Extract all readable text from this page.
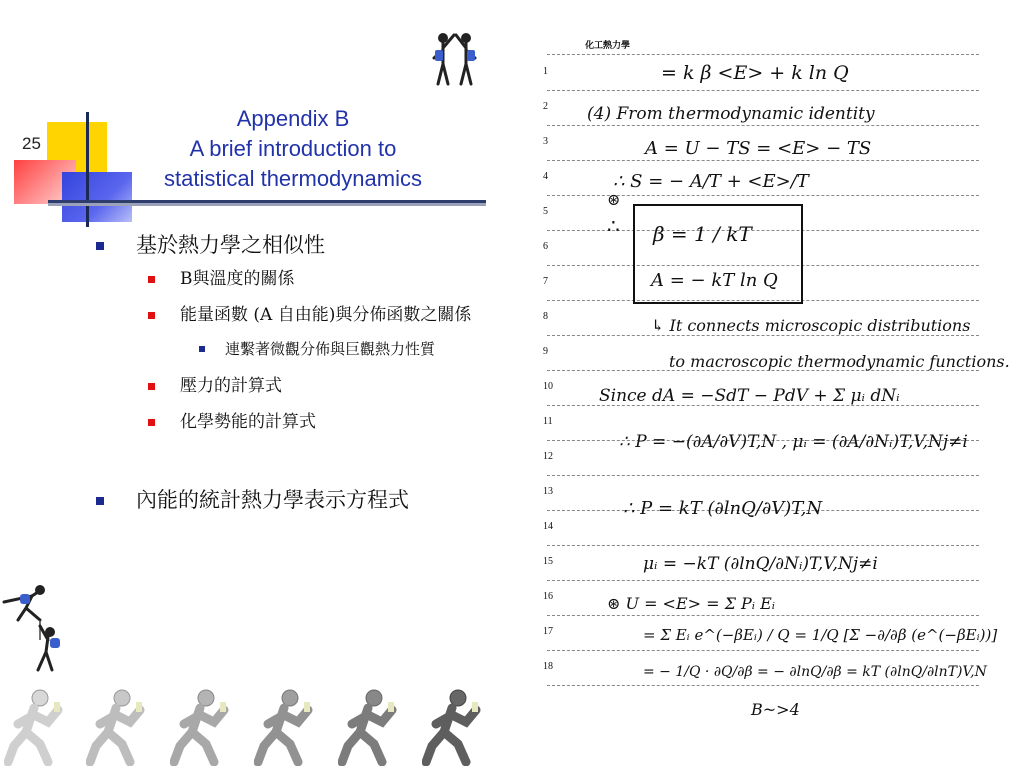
25
Appendix B
A brief introduction to
statistical thermodynamics
基於熱力學之相似性
Β與溫度的關係
能量函數 (A 自由能)與分佈函數之關係
連繫著微觀分佈與巨觀熱力性質
壓力的計算式
化學勢能的計算式
內能的統計熱力學表示方程式
化工熱力學
1
2
3
4
5
6
7
8
9
10
11
12
13
14
15
16
17
18
= k β <E> + k ln Q
(4) From thermodynamic identity
A = U − TS = <E> − TS
∴ S = − A/T + <E>/T
⊛
∴ β = 1 / kT
A = − kT ln Q
↳ It connects microscopic distributions
to macroscopic thermodynamic functions.
Since dA = −SdT − PdV + Σ μᵢ dNᵢ
∴ P = −(∂A/∂V)T,N , μᵢ = (∂A/∂Nᵢ)T,V,Nj≠i
∴ P = kT (∂lnQ/∂V)T,N
μᵢ = −kT (∂lnQ/∂Nᵢ)T,V,Nj≠i
⊛ U = <E> = Σ Pᵢ Eᵢ
= Σ Eᵢ e^(−βEᵢ) / Q = 1/Q [Σ −∂/∂β (e^(−βEᵢ))]
= − 1/Q · ∂Q/∂β = − ∂lnQ/∂β = kT (∂lnQ/∂lnT)V,N
B~>4
